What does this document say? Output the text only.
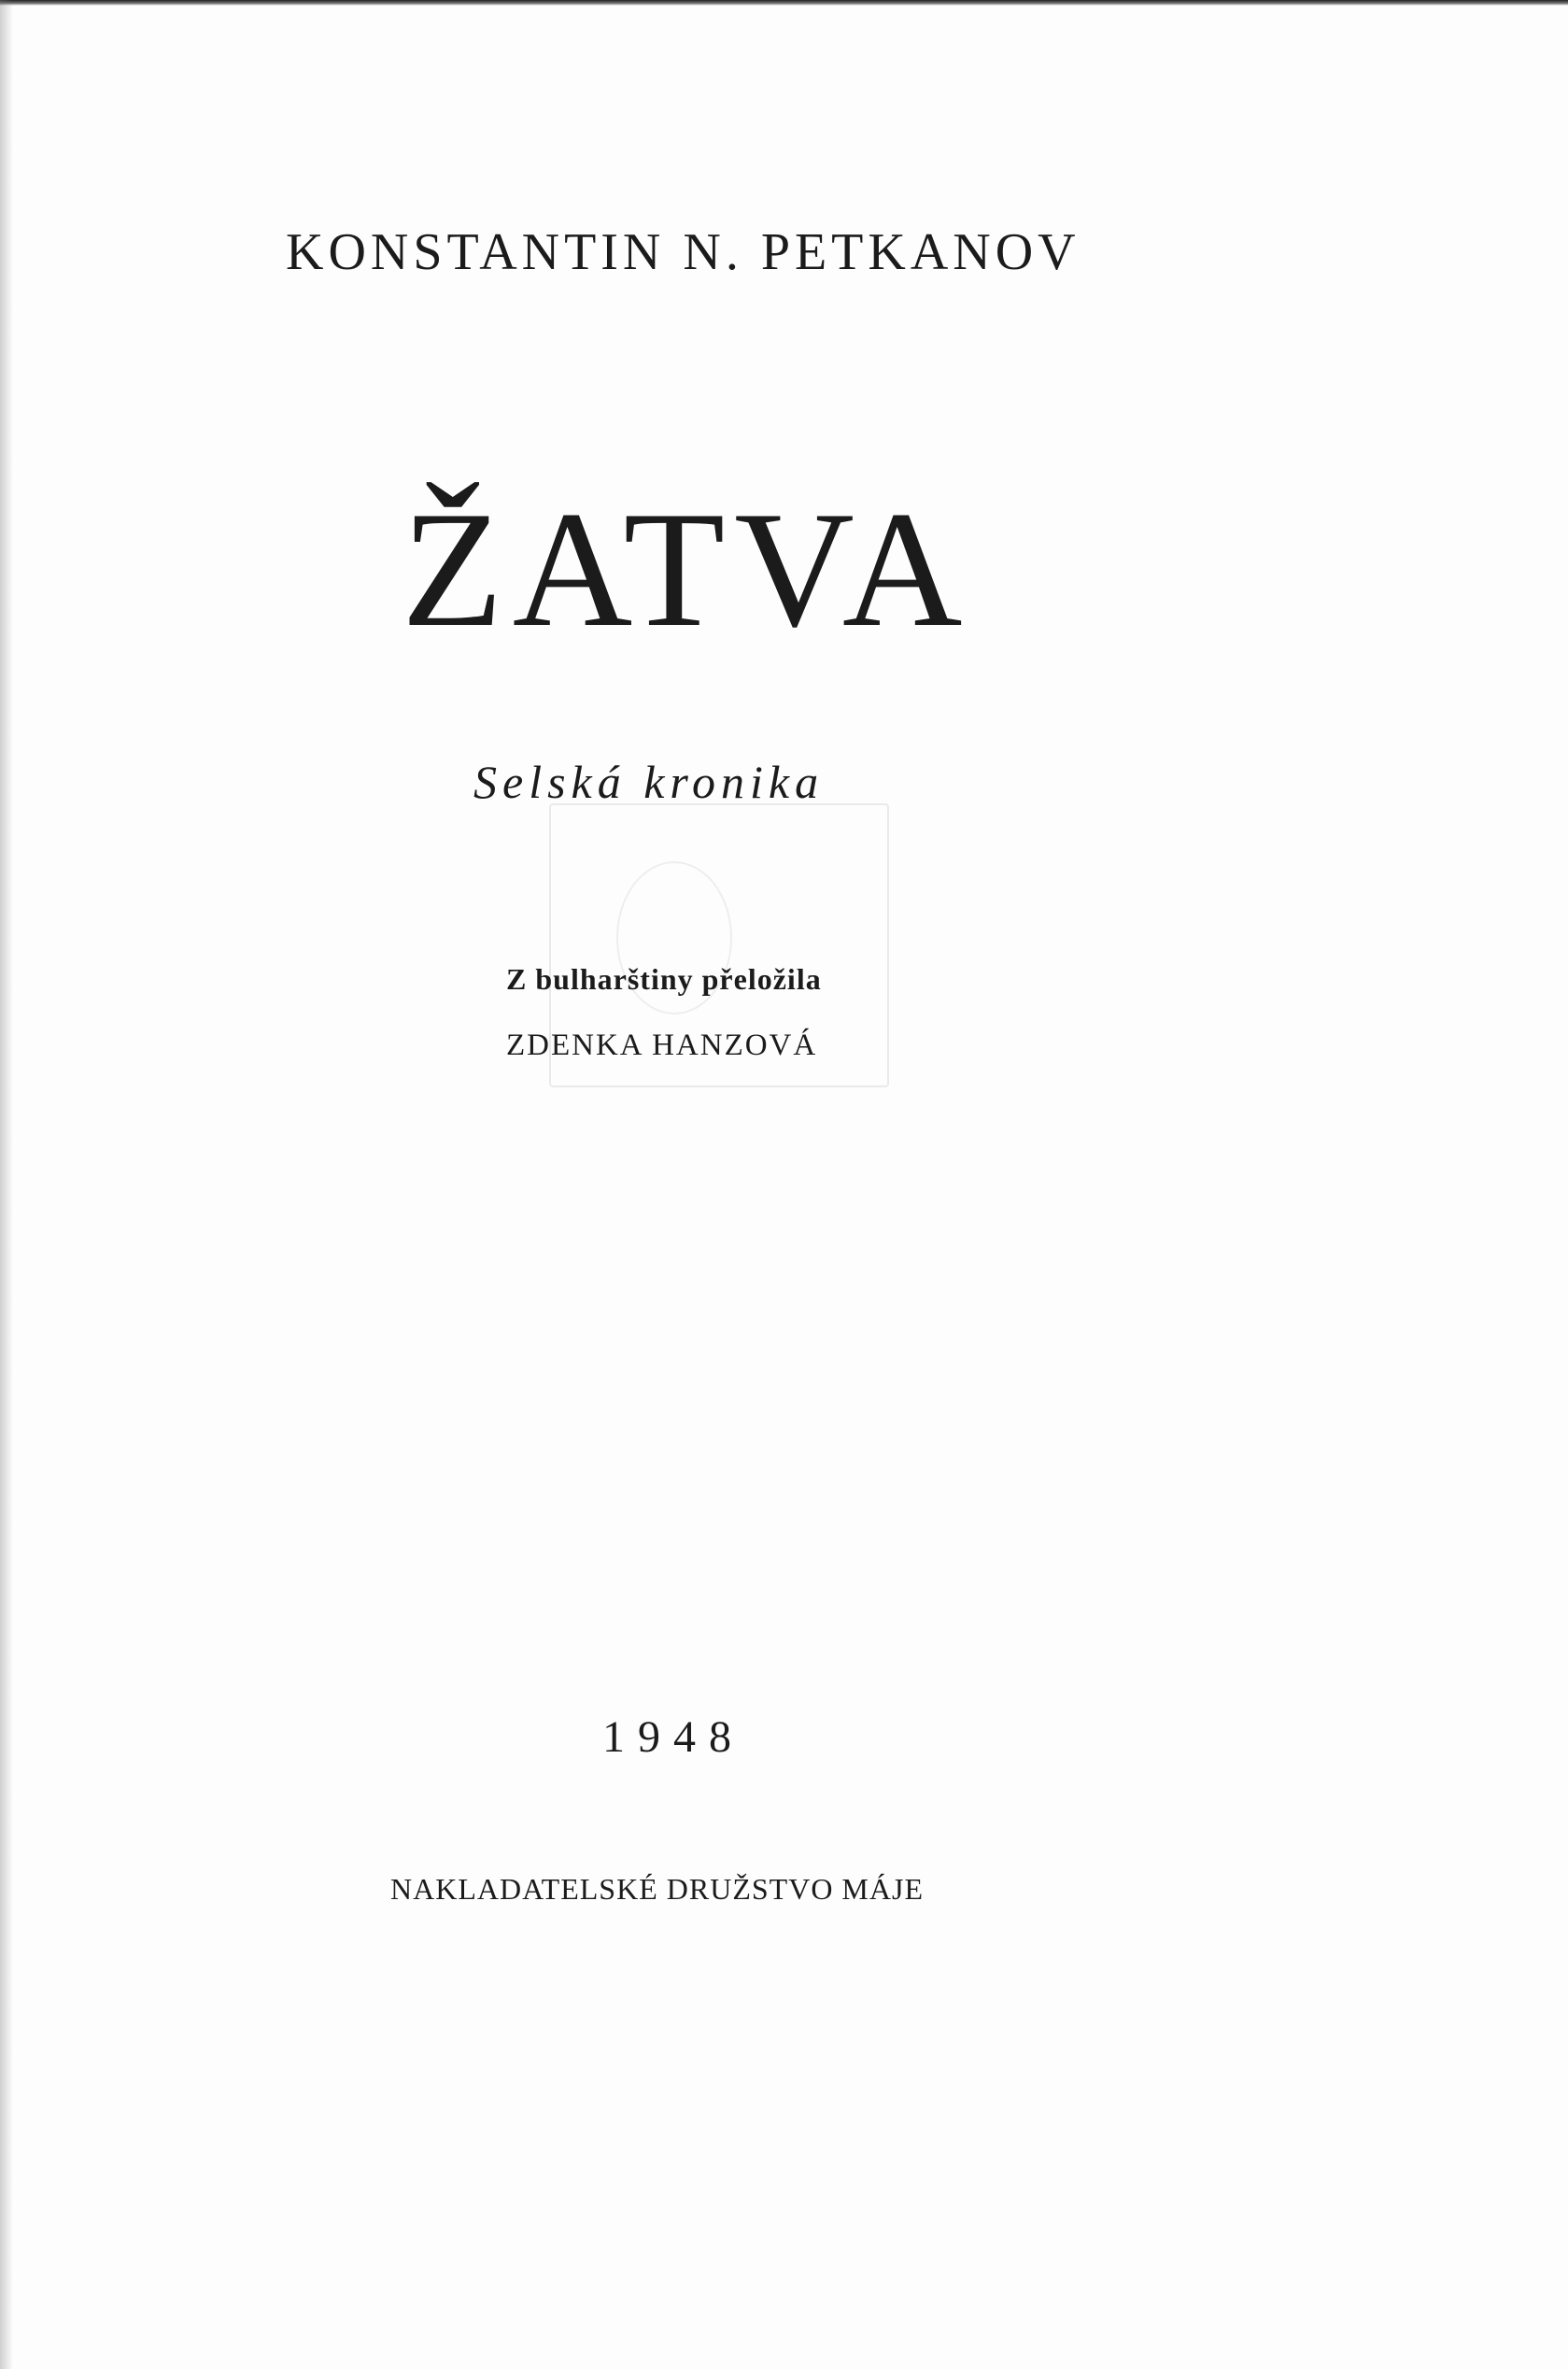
KONSTANTIN N. PETKANOV
ŽATVA
Selská kronika
Z bulharštiny přeložila
ZDENKA HANZOVÁ
1948
NAKLADATELSKÉ DRUŽSTVO MÁJE
